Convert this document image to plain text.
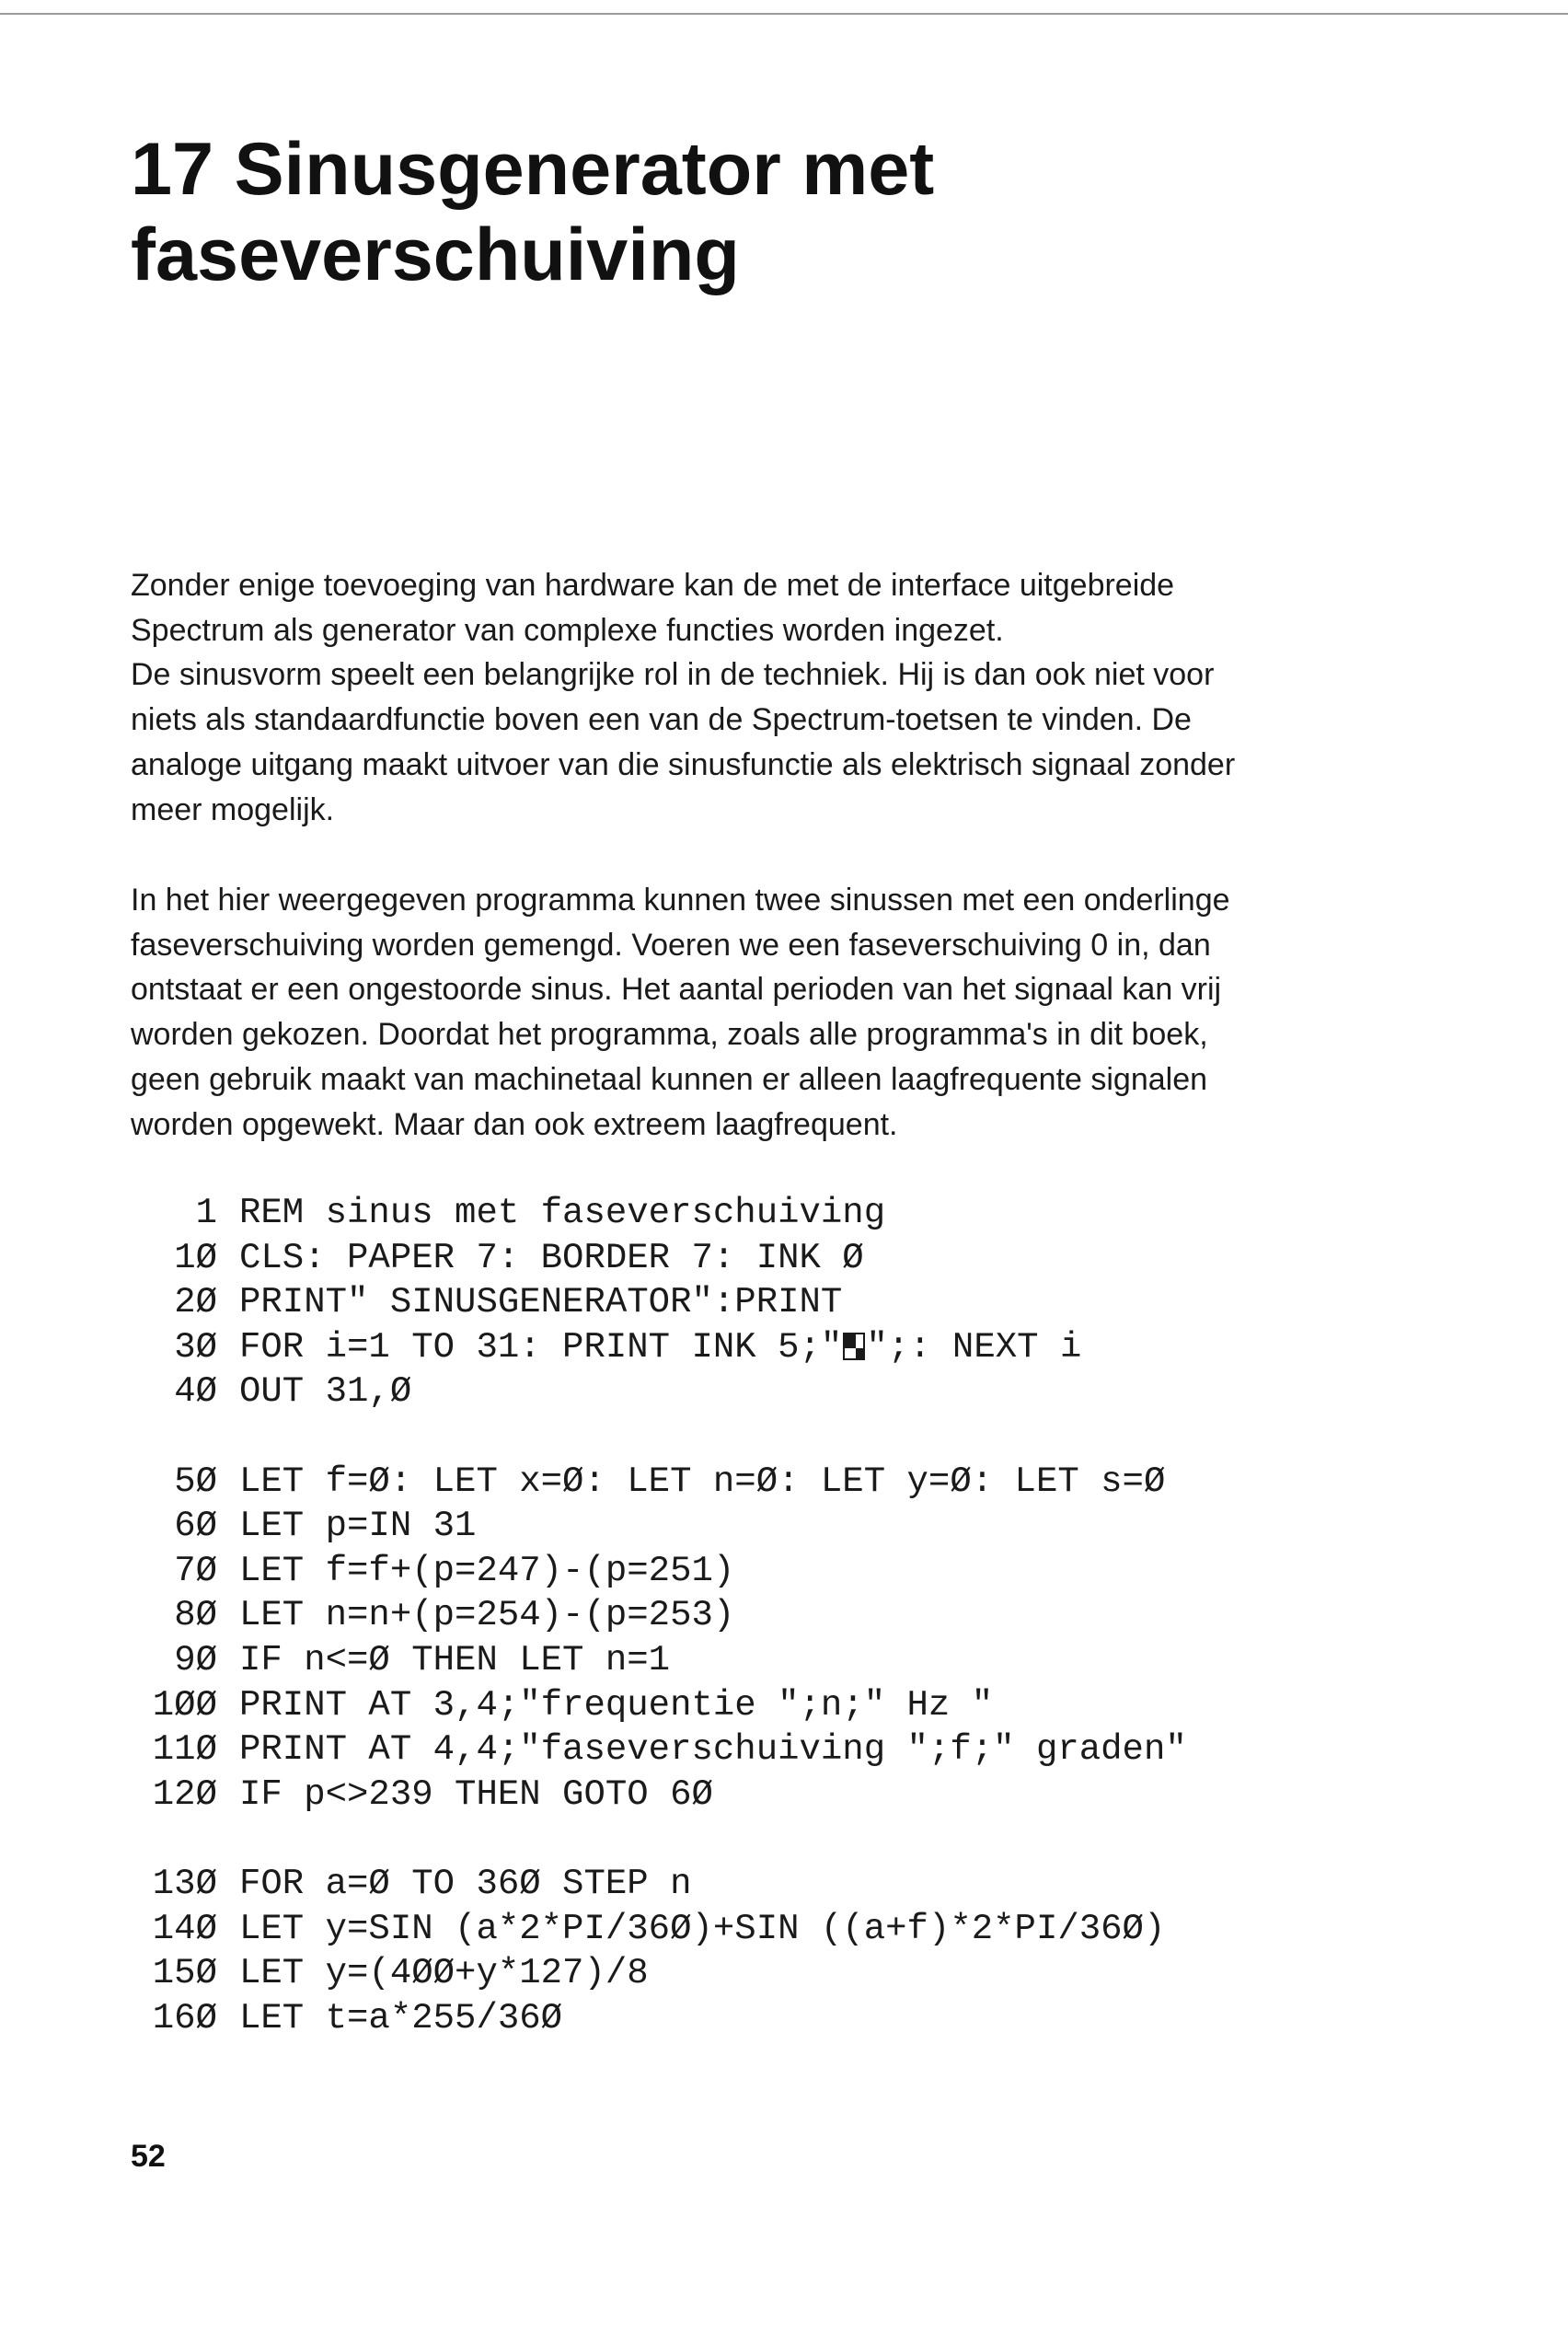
17 Sinusgenerator met
faseverschuiving

Zonder enige toevoeging van hardware kan de met de interface uitgebreide
Spectrum als generator van complexe functies worden ingezet.
De sinusvorm speelt een belangrijke rol in de techniek. Hij is dan ook niet voor
niets als standaardfunctie boven een van de Spectrum-toetsen te vinden. De
analoge uitgang maakt uitvoer van die sinusfunctie als elektrisch signaal zonder
meer mogelijk.

In het hier weergegeven programma kunnen twee sinussen met een onderlinge
faseverschuiving worden gemengd. Voeren we een faseverschuiving 0 in, dan
ontstaat er een ongestoorde sinus. Het aantal perioden van het signaal kan vrij
worden gekozen. Doordat het programma, zoals alle programma's in dit boek,
geen gebruik maakt van machinetaal kunnen er alleen laagfrequente signalen
worden opgewekt. Maar dan ook extreem laagfrequent.

1 REM sinus met faseverschuiving
1Ø CLS: PAPER 7: BORDER 7: INK Ø
2Ø PRINT" SINUSGENERATOR":PRINT
3Ø FOR i=1 TO 31: PRINT INK 5;" ";: NEXT i
4Ø OUT 31,Ø
5Ø LET f=Ø: LET x=Ø: LET n=Ø: LET y=Ø: LET s=Ø
6Ø LET p=IN 31
7Ø LET f=f+(p=247)-(p=251)
8Ø LET n=n+(p=254)-(p=253)
9Ø IF n<=Ø THEN LET n=1
1ØØ PRINT AT 3,4;"frequentie ";n;" Hz "
11Ø PRINT AT 4,4;"faseverschuiving ";f;" graden"
12Ø IF p<>239 THEN GOTO 6Ø
13Ø FOR a=Ø TO 36Ø STEP n
14Ø LET y=SIN (a*2*PI/36Ø)+SIN ((a+f)*2*PI/36Ø)
15Ø LET y=(4ØØ+y*127)/8
16Ø LET t=a*255/36Ø
52
